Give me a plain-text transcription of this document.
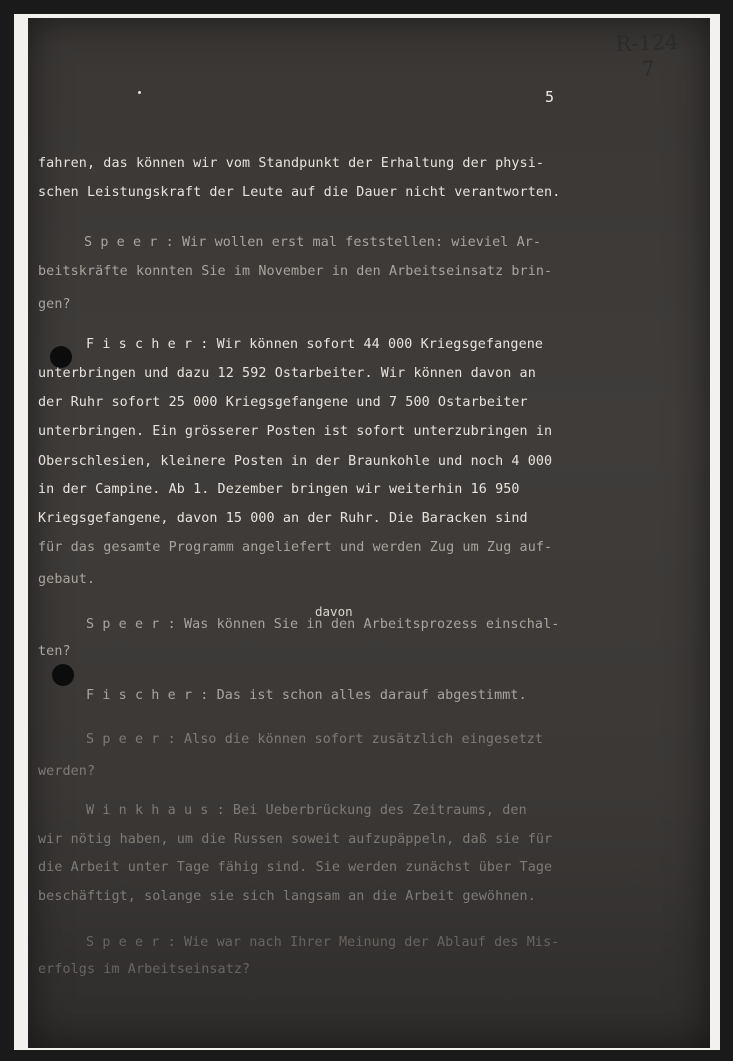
R-124
7
5
fahren, das können wir vom Standpunkt der Erhaltung der physi-
schen Leistungskraft der Leute auf die Dauer nicht verantworten.
S p e e r : Wir wollen erst mal feststellen: wieviel Ar-
beitskräfte konnten Sie im November in den Arbeitseinsatz brin-
gen?
F i s c h e r : Wir können sofort 44 000 Kriegsgefangene
unterbringen und dazu 12 592 Ostarbeiter. Wir können davon an
der Ruhr sofort 25 000 Kriegsgefangene und 7 500 Ostarbeiter
unterbringen. Ein grösserer Posten ist sofort unterzubringen in
Oberschlesien, kleinere Posten in der Braunkohle und noch 4 000
in der Campine. Ab 1. Dezember bringen wir weiterhin 16 950
Kriegsgefangene, davon 15 000 an der Ruhr. Die Baracken sind
für das gesamte Programm angeliefert und werden Zug um Zug auf-
gebaut.
davon
S p e e r : Was können Sie in den Arbeitsprozess einschal-
ten?
F i s c h e r : Das ist schon alles darauf abgestimmt.
S p e e r : Also die können sofort zusätzlich eingesetzt
werden?
W i n k h a u s : Bei Ueberbrückung des Zeitraums, den
wir nötig haben, um die Russen soweit aufzupäppeln, daß sie für
die Arbeit unter Tage fähig sind. Sie werden zunächst über Tage
beschäftigt, solange sie sich langsam an die Arbeit gewöhnen.
S p e e r : Wie war nach Ihrer Meinung der Ablauf des Mis-
erfolgs im Arbeitseinsatz?
